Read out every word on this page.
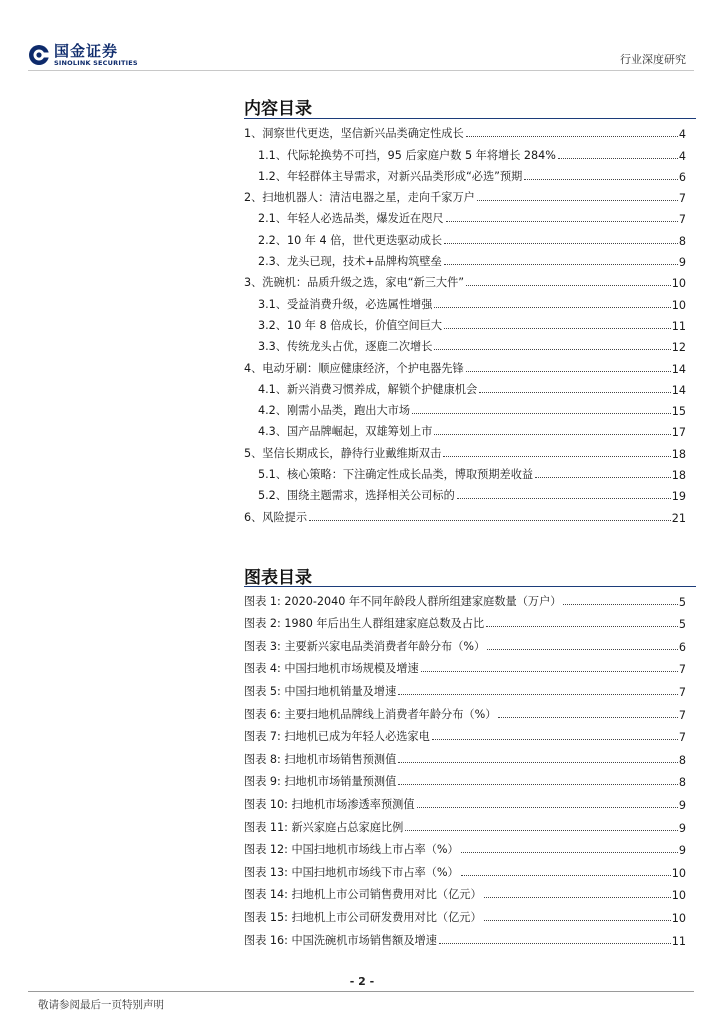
国金证券
SINOLINK SECURITIES	行业深度研究
内容目录
1、洞察世代更迭，坚信新兴品类确定性成长	4
1.1、代际轮换势不可挡，95 后家庭户数 5 年将增长 284%	4
1.2、年轻群体主导需求，对新兴品类形成“必选”预期	6
2、扫地机器人：清洁电器之星，走向千家万户	7
2.1、年轻人必选品类，爆发近在咫尺	7
2.2、10 年 4 倍，世代更迭驱动成长	8
2.3、龙头已现，技术+品牌构筑壁垒	9
3、洗碗机：品质升级之选，家电“新三大件”	10
3.1、受益消费升级，必选属性增强	10
3.2、10 年 8 倍成长，价值空间巨大	11
3.3、传统龙头占优，逐鹿二次增长	12
4、电动牙刷：顺应健康经济，个护电器先锋	14
4.1、新兴消费习惯养成，解锁个护健康机会	14
4.2、刚需小品类，跑出大市场	15
4.3、国产品牌崛起，双雄筹划上市	17
5、坚信长期成长，静待行业戴维斯双击	18
5.1、核心策略：下注确定性成长品类，博取预期差收益	18
5.2、围绕主题需求，选择相关公司标的	19
6、风险提示	21
图表目录
图表 1: 2020-2040 年不同年龄段人群所组建家庭数量（万户）	5
图表 2: 1980 年后出生人群组建家庭总数及占比	5
图表 3: 主要新兴家电品类消费者年龄分布（%）	6
图表 4: 中国扫地机市场规模及增速	7
图表 5: 中国扫地机销量及增速	7
图表 6: 主要扫地机品牌线上消费者年龄分布（%）	7
图表 7: 扫地机已成为年轻人必选家电	7
图表 8: 扫地机市场销售预测值	8
图表 9: 扫地机市场销量预测值	8
图表 10: 扫地机市场渗透率预测值	9
图表 11: 新兴家庭占总家庭比例	9
图表 12: 中国扫地机市场线上市占率（%）	9
图表 13: 中国扫地机市场线下市占率（%）	10
图表 14: 扫地机上市公司销售费用对比（亿元）	10
图表 15: 扫地机上市公司研发费用对比（亿元）	10
图表 16: 中国洗碗机市场销售额及增速	11
- 2 -
敬请参阅最后一页特别声明
